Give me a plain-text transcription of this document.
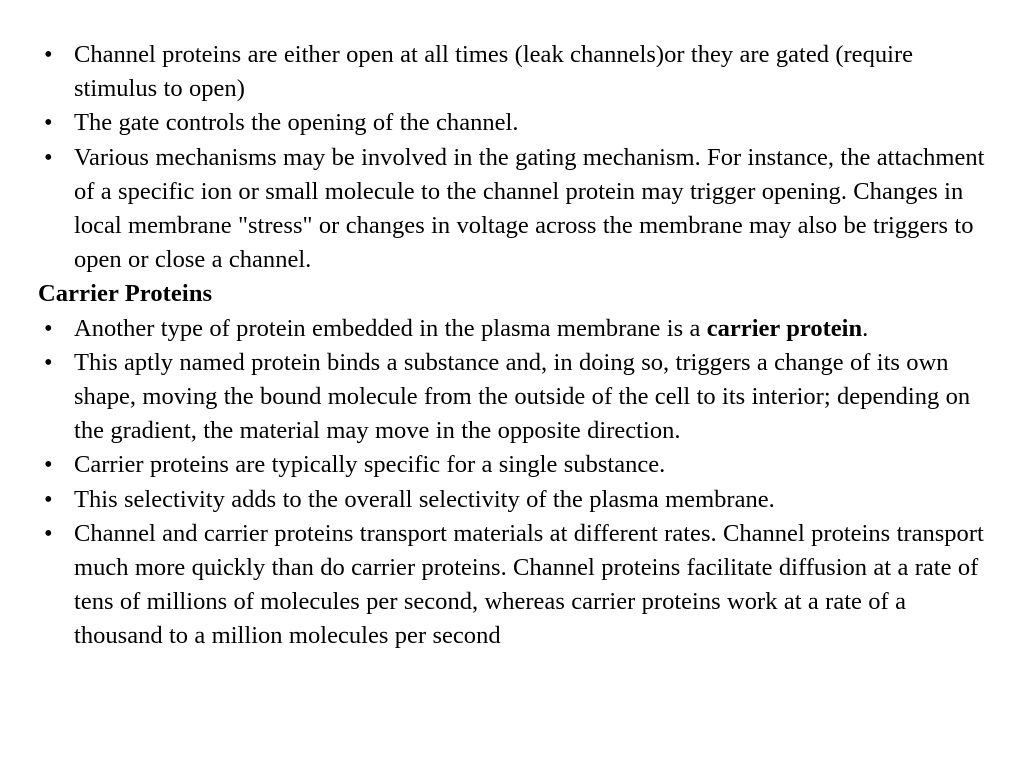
• Channel proteins are either open at all times (leak channels)or they are gated (require stimulus to open)
• The gate controls the opening of the channel.
• Various mechanisms may be involved in the gating mechanism. For instance, the attachment of a specific ion or small molecule to the channel protein may trigger opening. Changes in local membrane "stress" or changes in voltage across the membrane may also be triggers to open or close a channel.
Carrier Proteins
• Another type of protein embedded in the plasma membrane is a carrier protein.
• This aptly named protein binds a substance and, in doing so, triggers a change of its own shape, moving the bound molecule from the outside of the cell to its interior; depending on the gradient, the material may move in the opposite direction.
• Carrier proteins are typically specific for a single substance.
• This selectivity adds to the overall selectivity of the plasma membrane.
• Channel and carrier proteins transport materials at different rates. Channel proteins transport much more quickly than do carrier proteins. Channel proteins facilitate diffusion at a rate of tens of millions of molecules per second, whereas carrier proteins work at a rate of a thousand to a million molecules per second
